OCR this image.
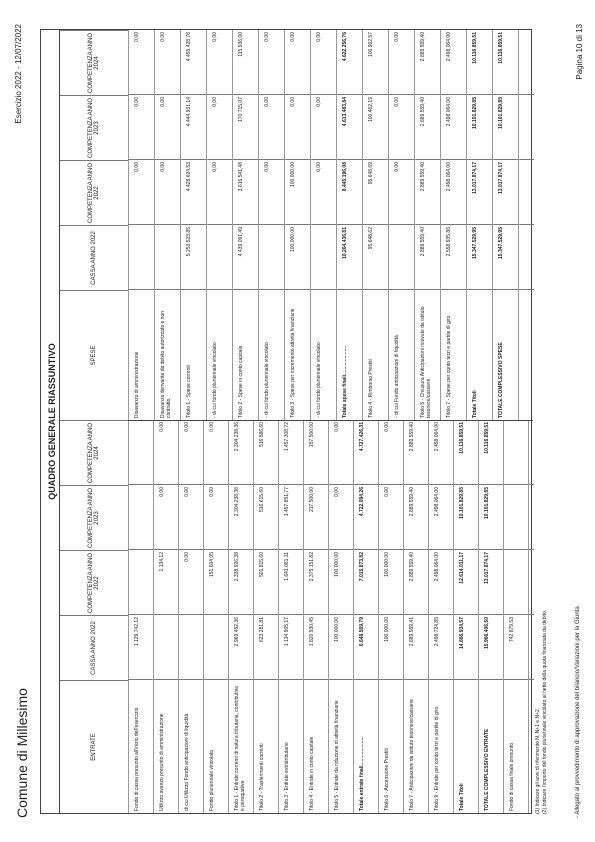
Comune di Millesimo
Esercizio 2022 - 12/07/2022
QUADRO GENERALE RIASSUNTIVO
ENTRATE
CASSA ANNO 2022
COMPETENZA ANNO 2022
COMPETENZA ANNO 2023
COMPETENZA ANNO 2024
Fondo di cassa presunto all'inizio dell'esercizio
1.129.742,12
Utilizzo avanzo presunto di amministrazione
1.134,12
0,00
0,00
di cui Utilizzo Fondo anticipazioni di liquidità
0,00
0,00
0,00
Fondo pluriennale vincolato
151.604,05
0,00
0,00
Titolo 1 - Entrate correnti di natura tributaria, contributiva e perequativa
2.969.452,36
2.338.926,38
2.304.238,36
2.304.238,36
Titolo 2 - Trasferimenti correnti
623.281,81
501.815,60
516.615,60
516.586,60
Titolo 3 - Entrate extratributarie
1.134.905,17
1.641.081,11
1.457.851,77
1.457.308,72
Titolo 4 - Entrate in conto capitale
1.820.930,45
2.375.151,82
217.500,00
157.500,00
Titolo 5 - Entrate da riduzione di attività finanziarie
100.000,00
100.000,00
0,00
0,00
Totale entrate finali.....................
6.648.569,79
7.015.873,82
4.722.094,26
4.727.426,31
Titolo 6 - Accensione Prestiti
100.000,00
100.000,00
0,00
0,00
Titolo 7 - Anticipazioni da istituto tesoriere/cassiere
2.889.559,41
2.889.559,40
2.889.559,40
2.889.559,40
Titolo 9 - Entrate per conto terzi e partite di giro
2.498.724,85
2.498.064,00
2.498.064,00
2.498.064,00
Totale Titoli
14.666.934,57
12.614.011,17
10.101.829,85
10.116.859,51
TOTALE COMPLESSIVO ENTRATE
15.966.406,50
13.017.874,17
10.101.829,85
10.116.859,51
Fondo di cassa finale presunto
742.879,53
SPESE
CASSA ANNO 2022
COMPETENZA ANNO 2022
COMPETENZA ANNO 2023
COMPETENZA ANNO 2024
Disavanzo di amministrazione
0,00
0,00
0,00
Disavanzo derivante da debito autorizzato e non contratto
0,00
0,00
0,00
Titolo 1 - Spese correnti
5.253.533,85
4.428.624,53
4.444.931,14
4.455.428,76
- di cui fondo pluriennale vincolato
0,00
0,00
0,00
Titolo 2 - Spese in conto capitale
4.439.091,49
3.616.541,48
170.715,07
115.936,00
- di cui fondo pluriennale vincolato
0,00
0,00
0,00
Titolo 3 - Spese per incremento attività finanziarie
100.000,00
100.000,00
0,00
0,00
- di cui fondo pluriennale vincolato
0,00
0,00
0,00
Totale spese finali.....................
10.264.436,81
8.445.196,08
4.613.483,84
4.622.256,76
Titolo 4 - Rimborso Prestiti
95.648,62
95.648,69
100.462,19
106.962,57
- di cui Fondo anticipazioni di liquidità
0,00
0,00
0,00
Titolo 5 - Chiusura Anticipazioni ricevute da istituto tesoriere/cassiere
2.889.559,40
2.889.559,40
2.889.559,40
2.889.559,40
Titolo 7 - Spese per conto terzi e partite di giro
2.558.935,86
2.498.064,00
2.498.064,00
2.498.064,00
Totale Titoli
15.347.529,95
13.017.874,17
10.101.829,85
10.116.859,51
TOTALE COMPLESSIVO SPESE
15.347.529,95
13.017.874,17
10.101.829,85
10.116.859,51
(1) Indicare gli anni di riferimento N, N+1 e N+2. (2) Indicare l'importo del fondo pluriennale vincolato al netto della quota finanziata da debito.	- Allegato al provvedimento di approvazione del bilancio/Variazioni per la Giunta
Pagina 10 di 13
